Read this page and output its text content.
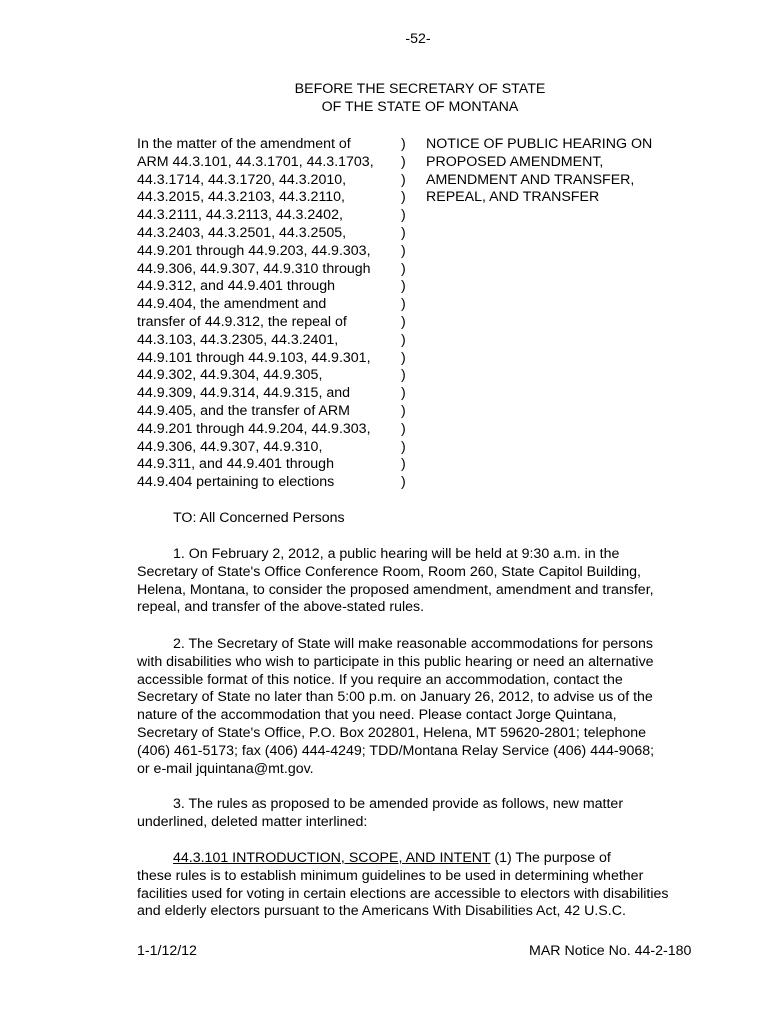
-52-
BEFORE THE SECRETARY OF STATE
OF THE STATE OF MONTANA
In the matter of the amendment of
ARM 44.3.101, 44.3.1701, 44.3.1703,
44.3.1714, 44.3.1720, 44.3.2010,
44.3.2015, 44.3.2103, 44.3.2110,
44.3.2111, 44.3.2113, 44.3.2402,
44.3.2403, 44.3.2501, 44.3.2505,
44.9.201 through 44.9.203, 44.9.303,
44.9.306, 44.9.307, 44.9.310 through
44.9.312, and 44.9.401 through
44.9.404, the amendment and
transfer of 44.9.312, the repeal of
44.3.103, 44.3.2305, 44.3.2401,
44.9.101 through 44.9.103, 44.9.301,
44.9.302, 44.9.304, 44.9.305,
44.9.309, 44.9.314, 44.9.315, and
44.9.405, and the transfer of ARM
44.9.201 through 44.9.204, 44.9.303,
44.9.306, 44.9.307, 44.9.310,
44.9.311, and 44.9.401 through
44.9.404 pertaining to elections
)
)
)
)
)
)
)
)
)
)
)
)
)
)
)
)
)
)
)
)
NOTICE OF PUBLIC HEARING ON
PROPOSED AMENDMENT,
AMENDMENT AND TRANSFER,
REPEAL, AND TRANSFER
TO: All Concerned Persons
1. On February 2, 2012, a public hearing will be held at 9:30 a.m. in the
Secretary of State's Office Conference Room, Room 260, State Capitol Building,
Helena, Montana, to consider the proposed amendment, amendment and transfer,
repeal, and transfer of the above-stated rules.
2. The Secretary of State will make reasonable accommodations for persons
with disabilities who wish to participate in this public hearing or need an alternative
accessible format of this notice. If you require an accommodation, contact the
Secretary of State no later than 5:00 p.m. on January 26, 2012, to advise us of the
nature of the accommodation that you need. Please contact Jorge Quintana,
Secretary of State's Office, P.O. Box 202801, Helena, MT 59620-2801; telephone
(406) 461-5173; fax (406) 444-4249; TDD/Montana Relay Service (406) 444-9068;
or e-mail jquintana@mt.gov.
3. The rules as proposed to be amended provide as follows, new matter
underlined, deleted matter interlined:
44.3.101 INTRODUCTION, SCOPE, AND INTENT (1) The purpose of
these rules is to establish minimum guidelines to be used in determining whether
facilities used for voting in certain elections are accessible to electors with disabilities
and elderly electors pursuant to the Americans With Disabilities Act, 42 U.S.C.
1-1/12/12	MAR Notice No. 44-2-180
